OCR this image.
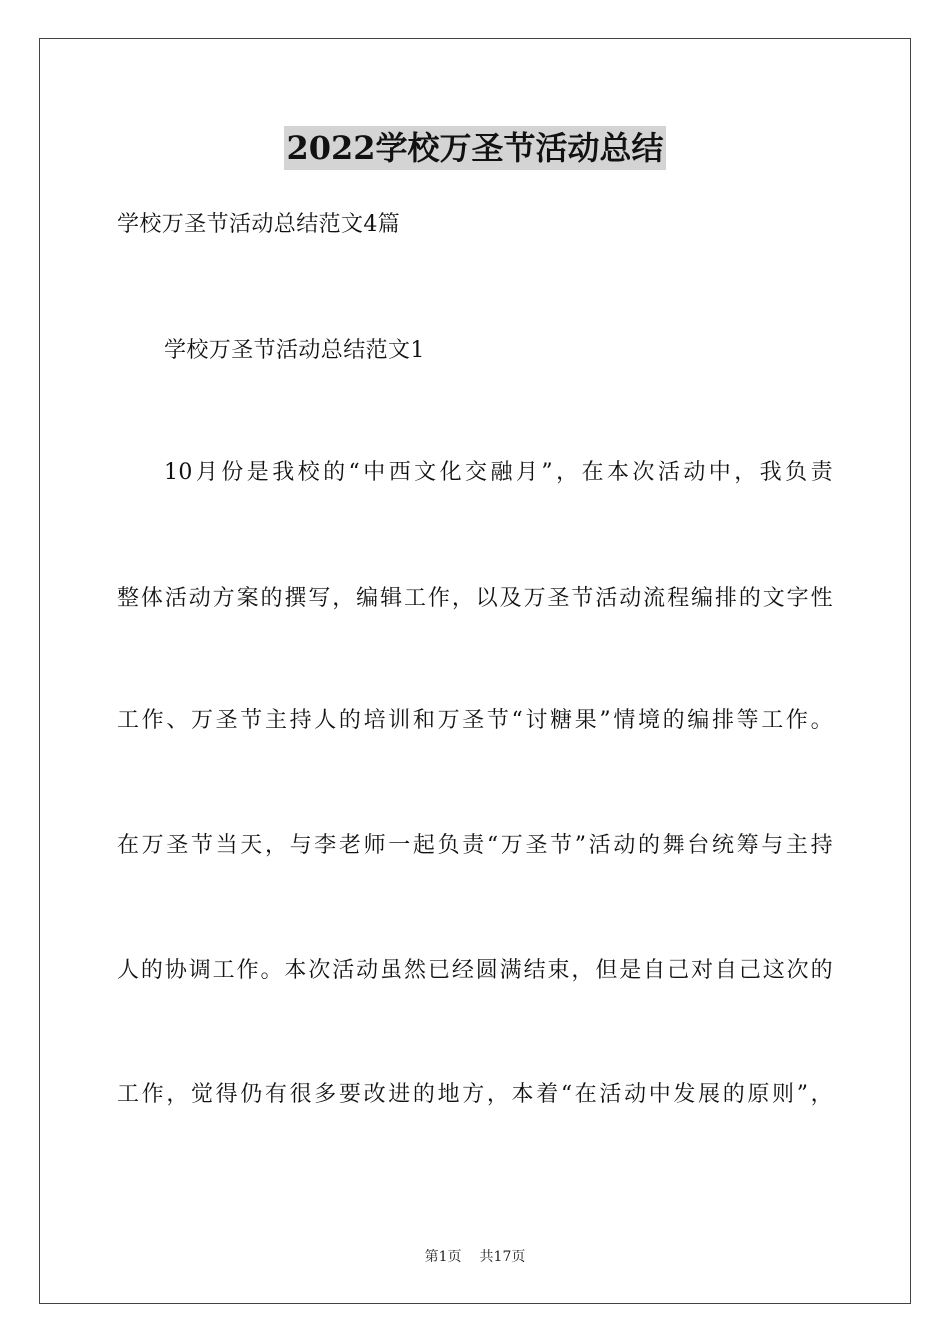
2022学校万圣节活动总结
学校万圣节活动总结范文4篇
学校万圣节活动总结范文1
10月份是我校的“中西文化交融月”，在本次活动中，我负责
整体活动方案的撰写，编辑工作，以及万圣节活动流程编排的文字性
工作、万圣节主持人的培训和万圣节“讨糖果”情境的编排等工作。
在万圣节当天，与李老师一起负责“万圣节”活动的舞台统筹与主持
人的协调工作。本次活动虽然已经圆满结束，但是自己对自己这次的
工作，觉得仍有很多要改进的地方，本着“在活动中发展的原则”，
第1页 共17页
